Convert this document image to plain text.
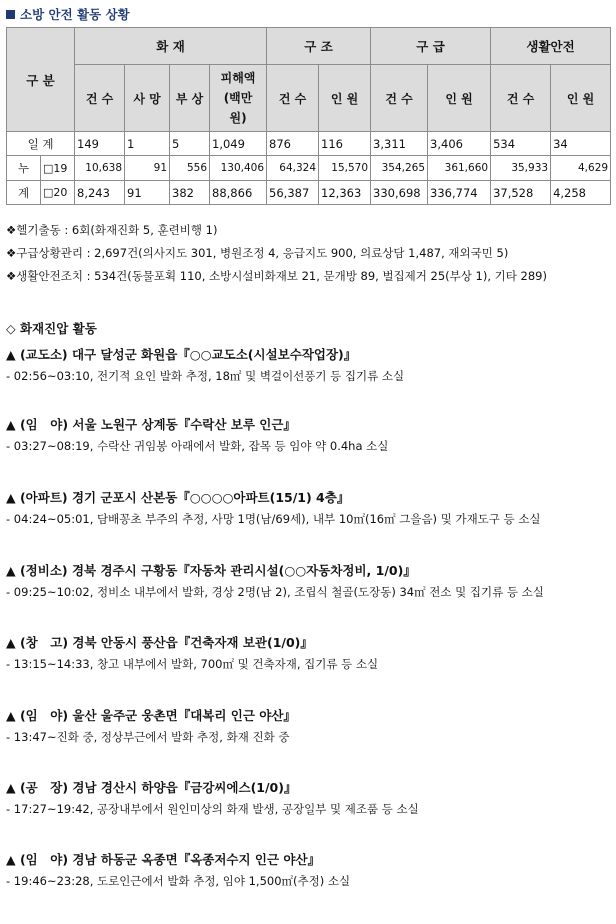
소방 안전 활동 상황
구 분		화 재				구 조		구 급		생활안전	
		건 수	사 망	부 상	피해액
(백만
원)	건 수	인 원	건 수	인 원	건 수	인 원
일 계		149	1	5	1,049	876	116	3,311	3,406	534	34
누	□19	10,638	91	556	130,406	64,324	15,570	354,265	361,660	35,933	4,629
계	□20	8,243	91	382	88,866	56,387	12,363	330,698	336,774	37,528	4,258
❖헬기출동 : 6회(화재진화 5, 훈련비행 1)
❖구급상황관리 : 2,697건(의사지도 301, 병원조정 4, 응급지도 900, 의료상담 1,487, 재외국민 5)
❖생활안전조치 : 534건(동물포획 110, 소방시설비화재보 21, 문개방 89, 벌집제거 25(부상 1), 기타 289)
◇ 화재진압 활동
▲ (교도소) 대구 달성군 화원읍『○○교도소(시설보수작업장)』
- 02:56~03:10, 전기적 요인 발화 추정, 18㎡ 및 벽걸이선풍기 등 집기류 소실
▲ (임　야) 서울 노원구 상계동『수락산 보루 인근』
- 03:27~08:19, 수락산 귀임봉 아래에서 발화, 잡목 등 임야 약 0.4ha 소실
▲ (아파트) 경기 군포시 산본동『○○○○아파트(15/1) 4층』
- 04:24~05:01, 담배꽁초 부주의 추정, 사망 1명(남/69세), 내부 10㎡(16㎡ 그을음) 및 가재도구 등 소실
▲ (정비소) 경북 경주시 구황동『자동차 관리시설(○○자동차정비, 1/0)』
- 09:25~10:02, 정비소 내부에서 발화, 경상 2명(남 2), 조립식 철골(도장동) 34㎡ 전소 및 집기류 등 소실
▲ (창　고) 경북 안동시 풍산읍『건축자재 보관(1/0)』
- 13:15~14:33, 창고 내부에서 발화, 700㎡ 및 건축자재, 집기류 등 소실
▲ (임　야) 울산 울주군 웅촌면『대복리 인근 야산』
- 13:47~진화 중, 정상부근에서 발화 추정, 화재 진화 중
▲ (공　장) 경남 경산시 하양읍『금강씨에스(1/0)』
- 17:27~19:42, 공장내부에서 원인미상의 화재 발생, 공장일부 및 제조품 등 소실
▲ (임　야) 경남 하동군 옥종면『옥종저수지 인근 야산』
- 19:46~23:28, 도로인근에서 발화 추정, 임야 1,500㎡(추정) 소실
